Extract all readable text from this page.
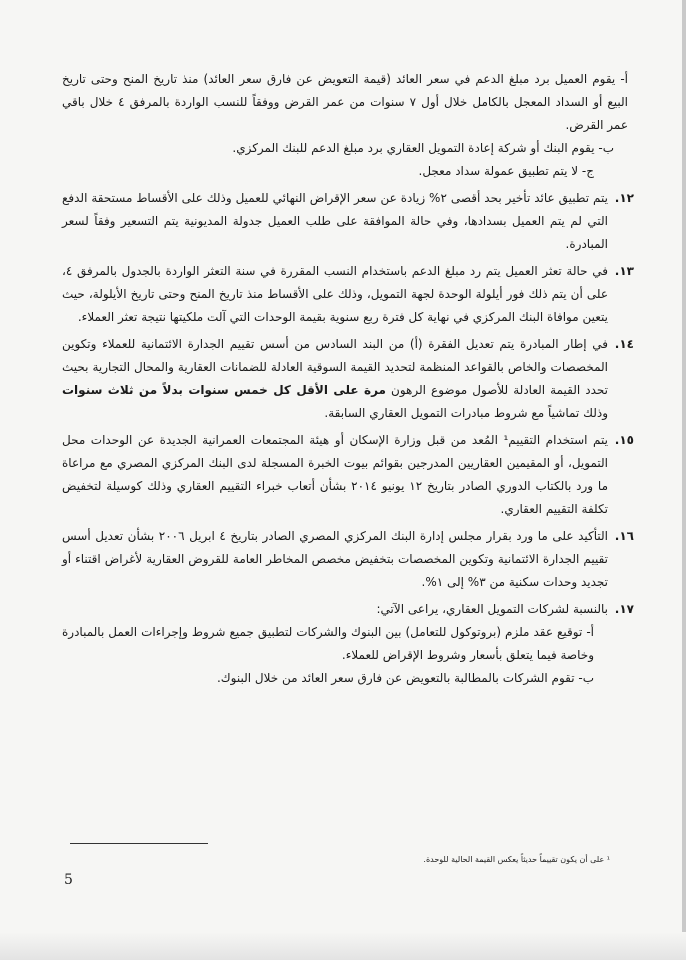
أ- يقوم العميل برد مبلغ الدعم في سعر العائد (قيمة التعويض عن فارق سعر العائد) منذ تاريخ المنح وحتى تاريخ البيع أو السداد المعجل بالكامل خلال أول ٧ سنوات من عمر القرض ووفقاً للنسب الواردة بالمرفق ٤ خلال باقي عمر القرض.

ب- يقوم البنك أو شركة إعادة التمويل العقاري برد مبلغ الدعم للبنك المركزي.

ج- لا يتم تطبيق عمولة سداد معجل.

١٢.
يتم تطبيق عائد تأخير بحد أقصى ٢% زيادة عن سعر الإقراض النهائي للعميل وذلك على الأقساط مستحقة الدفع التي لم يتم العميل بسدادها، وفي حالة الموافقة على طلب العميل جدولة المديونية يتم التسعير وفقاً لسعر المبادرة.
١٣.
في حالة تعثر العميل يتم رد مبلغ الدعم باستخدام النسب المقررة في سنة التعثر الواردة بالجدول بالمرفق ٤، على أن يتم ذلك فور أيلولة الوحدة لجهة التمويل، وذلك على الأقساط منذ تاريخ المنح وحتى تاريخ الأيلولة، حيث يتعين موافاة البنك المركزي في نهاية كل فترة ربع سنوية بقيمة الوحدات التي آلت ملكيتها نتيجة تعثر العملاء.
١٤.
في إطار المبادرة يتم تعديل الفقرة (أ) من البند السادس من أسس تقييم الجدارة الائتمانية للعملاء وتكوين المخصصات والخاص بالقواعد المنظمة لتحديد القيمة السوقية العادلة للضمانات العقارية والمحال التجارية بحيث تحدد القيمة العادلة للأصول موضوع الرهون مرة على الأقل كل خمس سنوات بدلاً من ثلاث سنوات وذلك تماشياً مع شروط مبادرات التمويل العقاري السابقة.
١٥.
يتم استخدام التقييم¹ المُعد من قبل وزارة الإسكان أو هيئة المجتمعات العمرانية الجديدة عن الوحدات محل التمويل، أو المقيمين العقاريين المدرجين بقوائم بيوت الخبرة المسجلة لدى البنك المركزي المصري مع مراعاة ما ورد بالكتاب الدوري الصادر بتاريخ ١٢ يونيو ٢٠١٤ بشأن أتعاب خبراء التقييم العقاري وذلك كوسيلة لتخفيض تكلفة التقييم العقاري.
١٦.
التأكيد على ما ورد بقرار مجلس إدارة البنك المركزي المصري الصادر بتاريخ ٤ ابريل ٢٠٠٦ بشأن تعديل أسس تقييم الجدارة الائتمانية وتكوين المخصصات بتخفيض مخصص المخاطر العامة للقروض العقارية لأغراض اقتناء أو تجديد وحدات سكنية من ٣% إلى ١%.
١٧.
بالنسبة لشركات التمويل العقاري، يراعى الآتي:

أ- توقيع عقد ملزم (بروتوكول للتعامل) بين البنوك والشركات لتطبيق جميع شروط وإجراءات العمل بالمبادرة وخاصة فيما يتعلق بأسعار وشروط الإقراض للعملاء.

ب- تقوم الشركات بالمطالبة بالتعويض عن فارق سعر العائد من خلال البنوك.

¹ على أن يكون تقييماً حديثاً يعكس القيمة الحالية للوحدة.
5
